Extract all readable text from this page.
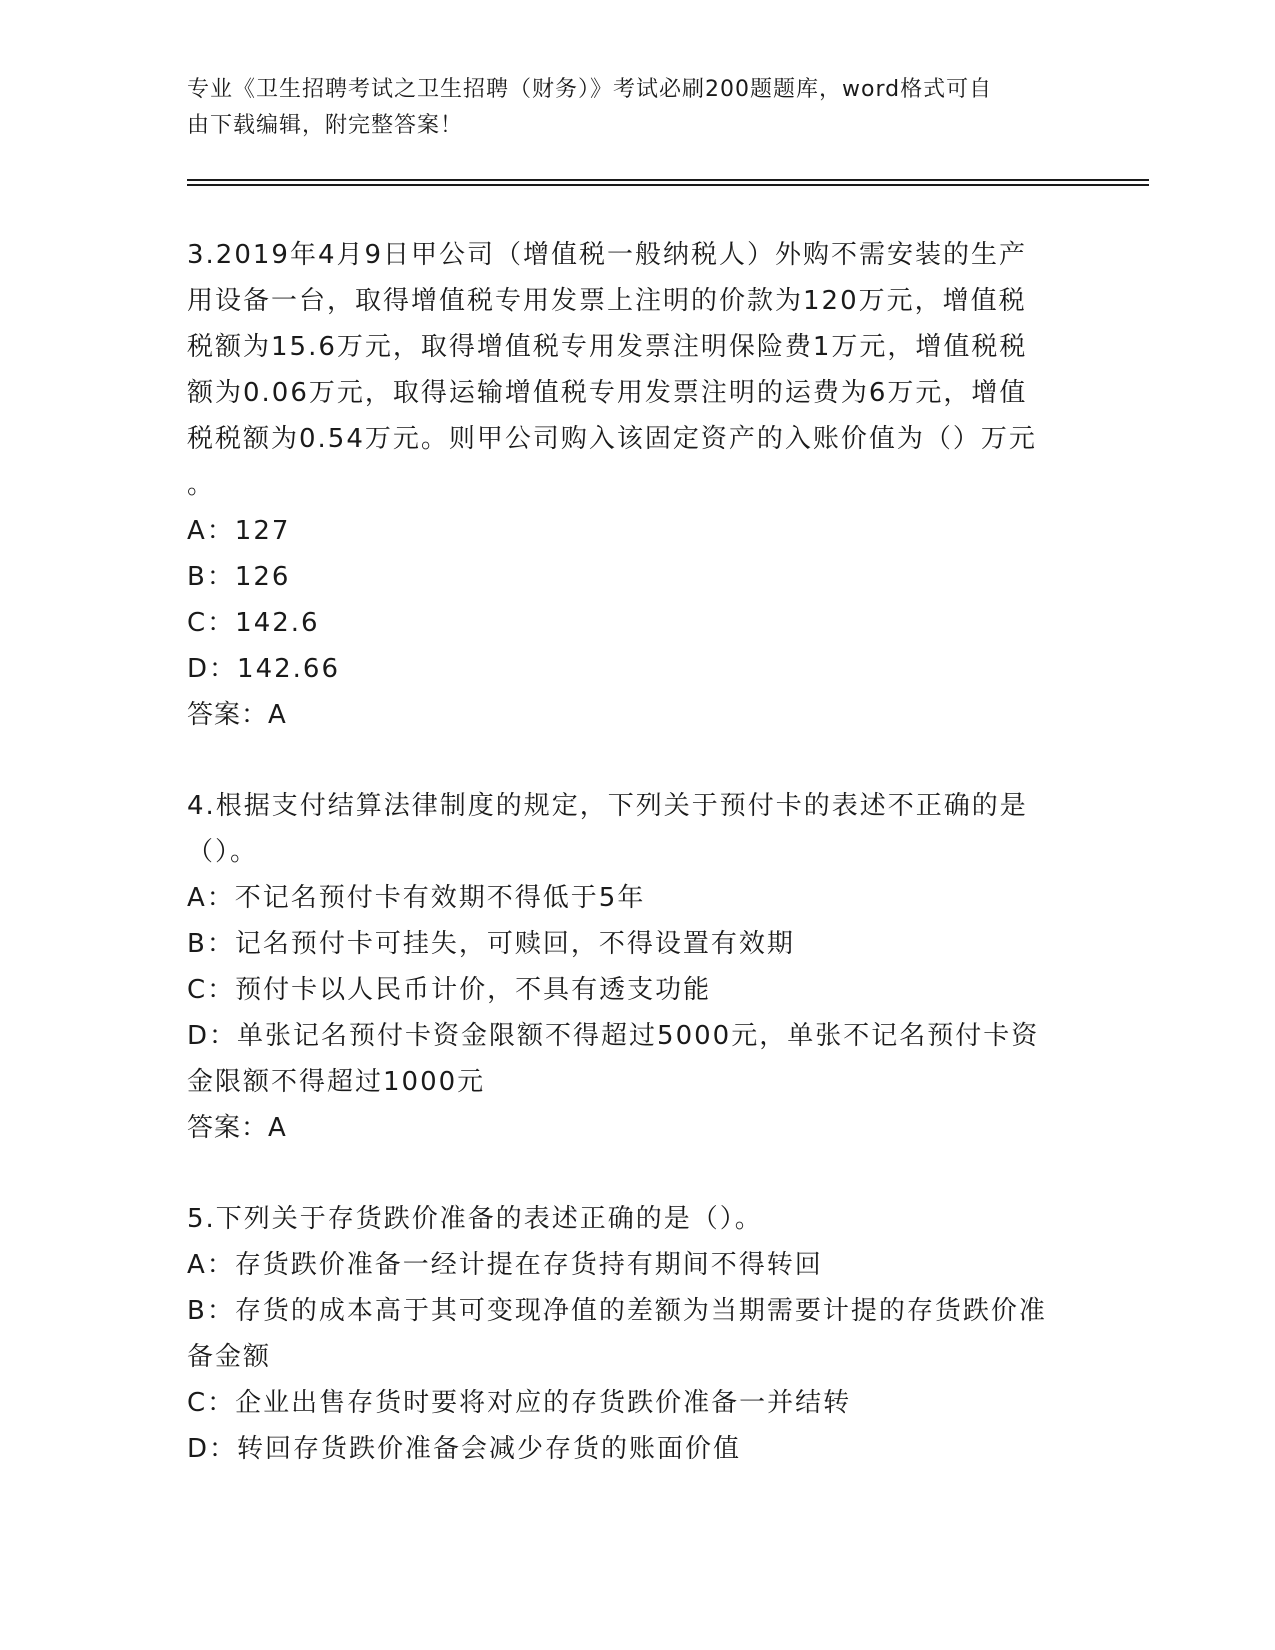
专业《卫生招聘考试之卫生招聘（财务）》考试必刷200题题库，word格式可自
由下载编辑，附完整答案！
3.2019年4月9日甲公司（增值税一般纳税人）外购不需安装的生产
用设备一台，取得增值税专用发票上注明的价款为120万元，增值税
税额为15.6万元，取得增值税专用发票注明保险费1万元，增值税税
额为0.06万元，取得运输增值税专用发票注明的运费为6万元，增值
税税额为0.54万元。则甲公司购入该固定资产的入账价值为（）万元
。
A：127
B：126
C：142.6
D：142.66
答案：A
4.根据支付结算法律制度的规定，下列关于预付卡的表述不正确的是
（）。
A：不记名预付卡有效期不得低于5年
B：记名预付卡可挂失，可赎回，不得设置有效期
C：预付卡以人民币计价，不具有透支功能
D：单张记名预付卡资金限额不得超过5000元，单张不记名预付卡资
金限额不得超过1000元
答案：A
5.下列关于存货跌价准备的表述正确的是（）。
A：存货跌价准备一经计提在存货持有期间不得转回
B：存货的成本高于其可变现净值的差额为当期需要计提的存货跌价准
备金额
C：企业出售存货时要将对应的存货跌价准备一并结转
D：转回存货跌价准备会减少存货的账面价值
